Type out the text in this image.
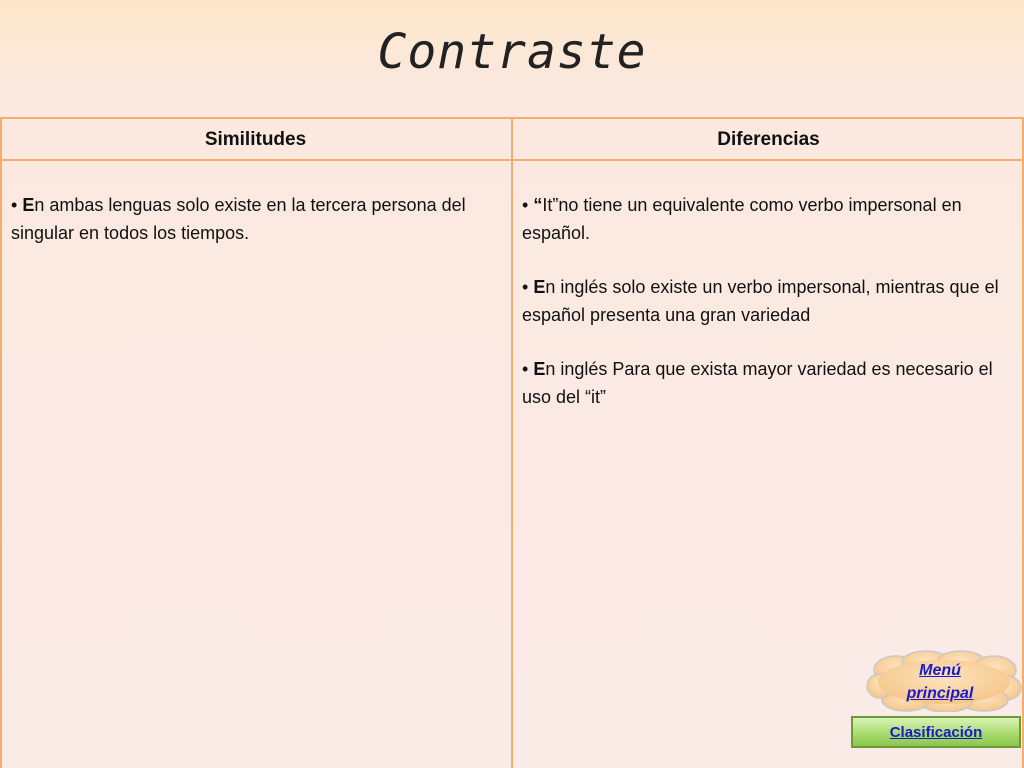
Contraste
Similitudes	Diferencias

• En ambas lenguas solo existe en la tercera persona del singular en todos los tiempos.

• “It”no tiene un equivalente como verbo impersonal en español.

• En inglés solo existe un verbo impersonal, mientras que el español presenta una gran variedad

• En inglés Para que exista mayor variedad es necesario el uso del “it”

Menú
principal
Clasificación
